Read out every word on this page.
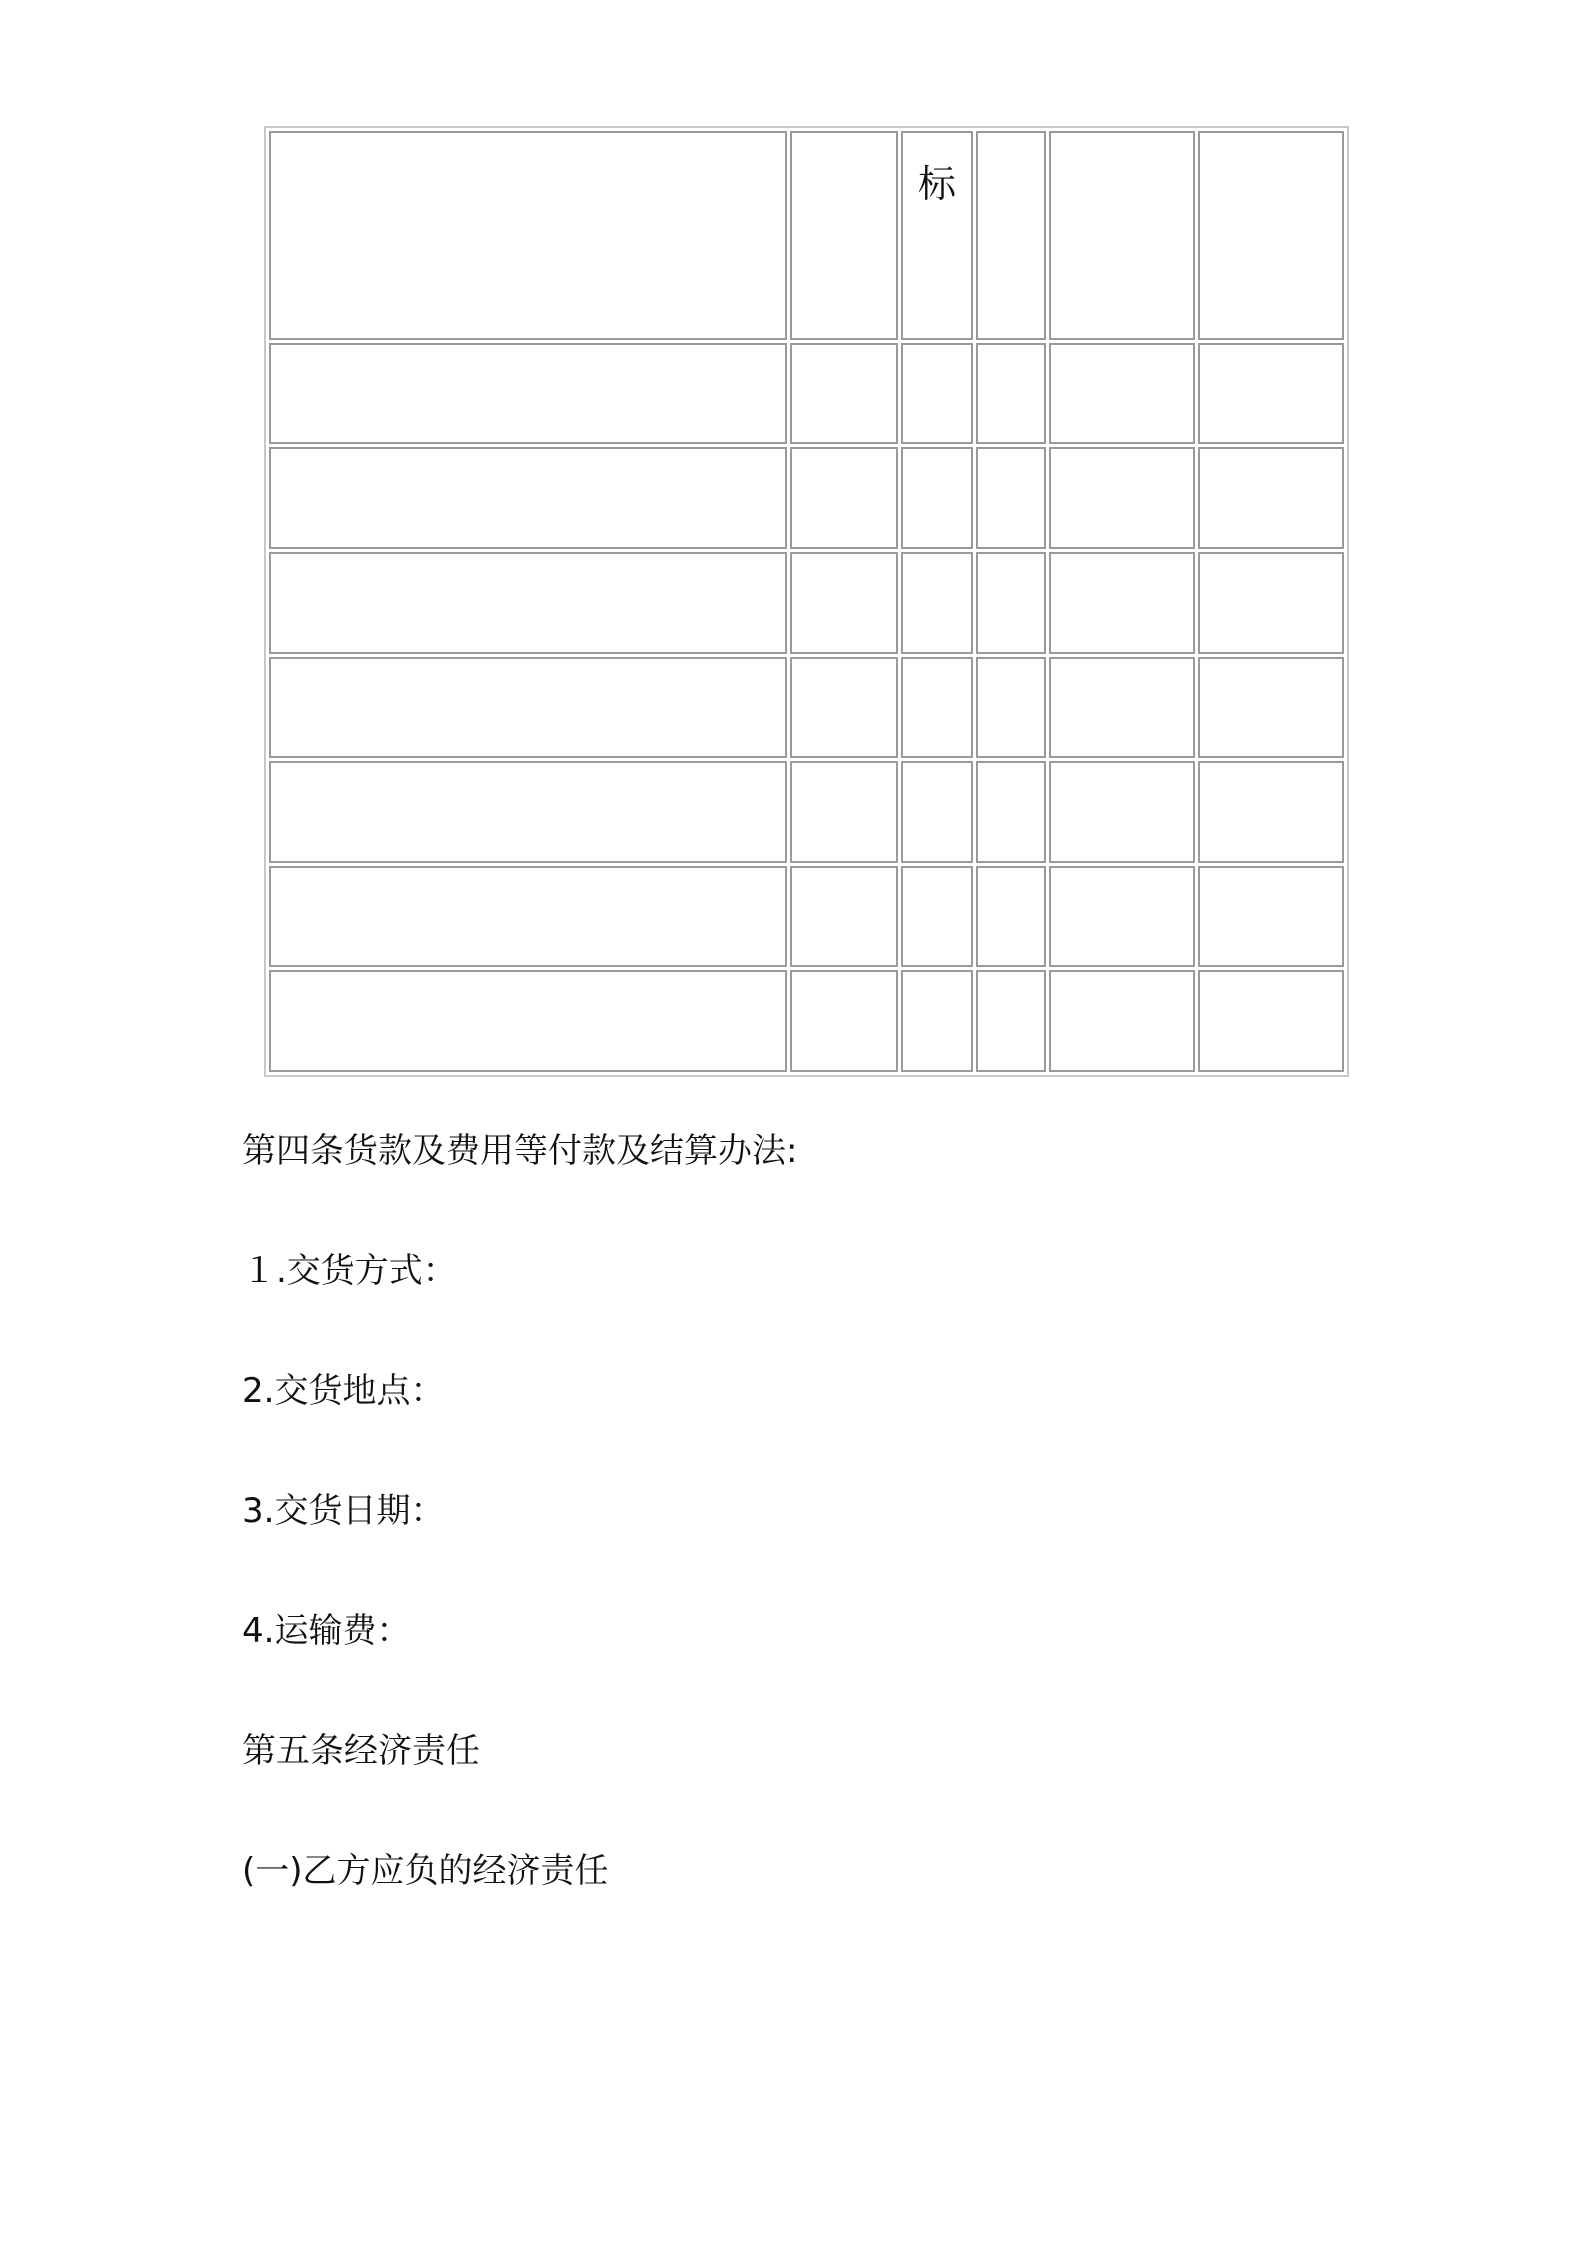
		标			

第四条货款及费用等付款及结算办法:
１.交货方式：
2.交货地点：
3.交货日期：
4.运输费：
第五条经济责任
(一)乙方应负的经济责任
